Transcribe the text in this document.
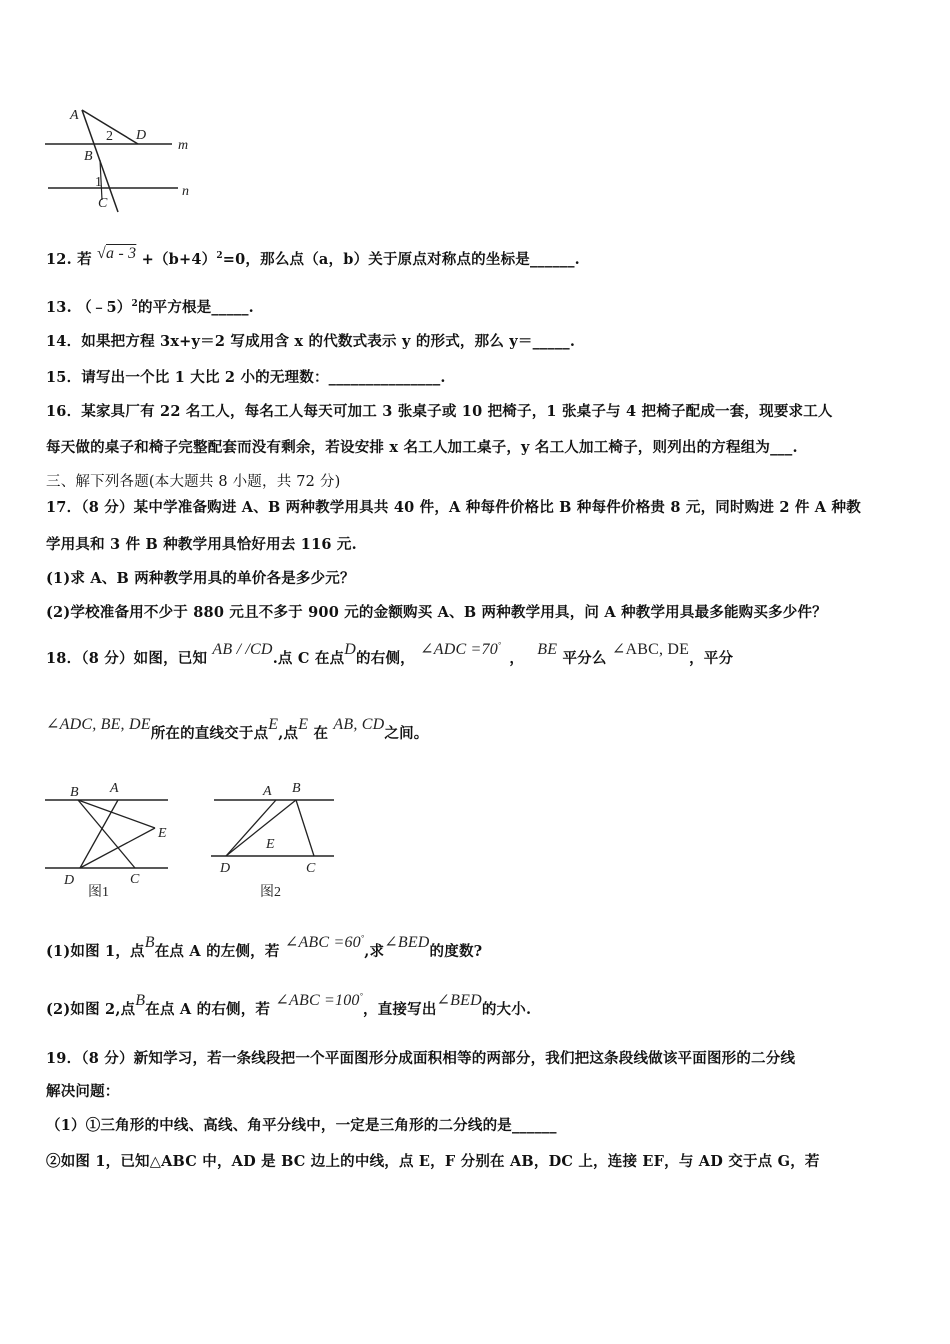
A
D
B
m
1
C
n
2
12. 若 $√a - 3 +(b+4)^2=0$，那么点（a，b）关于原点对称点的坐标是______.
13. （﹣5）$^2$的平方根是_____.
14．如果把方程 3x+y＝2 写成用含 x 的代数式表示 y 的形式，那么 y＝_____.
15．请写出一个比 1 大比 2 小的无理数：_______________.
16．某家具厂有 22 名工人，每名工人每天可加工 3 张桌子或 10 把椅子，1 张桌子与 4 把椅子配成一套，现要求工人
每天做的桌子和椅子完整配套而没有剩余，若设安排 x 名工人加工桌子，y 名工人加工椅子，则列出的方程组为___.
三、解下列各题(本大题共 8 小题，共 72 分)
17．（8 分）某中学准备购进 A、B 两种教学用具共 40 件，A 种每件价格比 B 种每件价格贵 8 元，同时购进 2 件 A 种教
学用具和 3 件 B 种教学用具恰好用去 116 元.
(1)求 A、B 两种教学用具的单价各是多少元？
(2)学校准备用不少于 880 元且不多于 900 元的金额购买 A、B 两种教学用具，问 A 种教学用具最多能购买多少件？
18．（8 分）如图，已知 AB / /CD.点 C 在点D的右侧， ∠ADC =70°， BE 平分么 ∠ABC, DE，平分
∠ADC, BE, DE所在的直线交于点E,点E 在 AB, CD之间。
B A
E
D	C
图1
A B
E
D	C
图2
(1)如图 1，点B在点 A 的左侧，若 ∠ABC =60°,求∠BED的度数?
(2)如图 2,点B在点 A 的右侧，若 ∠ABC =100°，直接写出∠BED的大小.
19．（8 分）新知学习，若一条线段把一个平面图形分成面积相等的两部分，我们把这条段线做该平面图形的二分线
解决问题：
（1）①三角形的中线、高线、角平分线中，一定是三角形的二分线的是______
②如图 1，已知△ABC 中，AD 是 BC 边上的中线，点 E，F 分别在 AB，DC 上，连接 EF，与 AD 交于点 G，若
